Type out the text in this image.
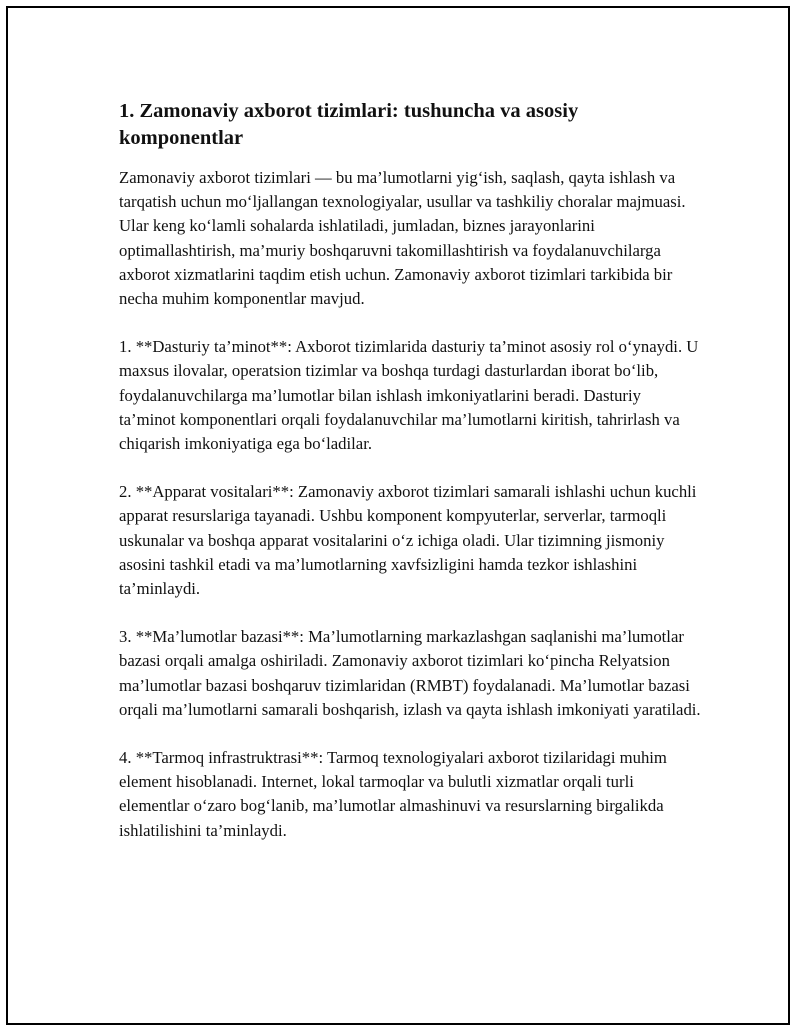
1. Zamonaviy axborot tizimlari: tushuncha va asosiy komponentlar

Zamonaviy axborot tizimlari — bu ma’lumotlarni yig‘ish, saqlash, qayta ishlash va tarqatish uchun mo‘ljallangan texnologiyalar, usullar va tashkiliy choralar majmuasi. Ular keng ko‘lamli sohalarda ishlatiladi, jumladan, biznes jarayonlarini optimallashtirish, ma’muriy boshqaruvni takomillashtirish va foydalanuvchilarga axborot xizmatlarini taqdim etish uchun. Zamonaviy axborot tizimlari tarkibida bir necha muhim komponentlar mavjud.

1. **Dasturiy ta’minot**: Axborot tizimlarida dasturiy ta’minot asosiy rol o‘ynaydi. U maxsus ilovalar, operatsion tizimlar va boshqa turdagi dasturlardan iborat bo‘lib, foydalanuvchilarga ma’lumotlar bilan ishlash imkoniyatlarini beradi. Dasturiy ta’minot komponentlari orqali foydalanuvchilar ma’lumotlarni kiritish, tahrirlash va chiqarish imkoniyatiga ega bo‘ladilar.

2. **Apparat vositalari**: Zamonaviy axborot tizimlari samarali ishlashi uchun kuchli apparat resurslariga tayanadi. Ushbu komponent kompyuterlar, serverlar, tarmoqli uskunalar va boshqa apparat vositalarini o‘z ichiga oladi. Ular tizimning jismoniy asosini tashkil etadi va ma’lumotlarning xavfsizligini hamda tezkor ishlashini ta’minlaydi.

3. **Ma’lumotlar bazasi**: Ma’lumotlarning markazlashgan saqlanishi ma’lumotlar bazasi orqali amalga oshiriladi. Zamonaviy axborot tizimlari ko‘pincha Relyatsion ma’lumotlar bazasi boshqaruv tizimlaridan (RMBT) foydalanadi. Ma’lumotlar bazasi orqali ma’lumotlarni samarali boshqarish, izlash va qayta ishlash imkoniyati yaratiladi.

4. **Tarmoq infrastruktrasi**: Tarmoq texnologiyalari axborot tizilaridagi muhim element hisoblanadi. Internet, lokal tarmoqlar va bulutli xizmatlar orqali turli elementlar o‘zaro bog‘lanib, ma’lumotlar almashinuvi va resurslarning birgalikda ishlatilishini ta’minlaydi.
